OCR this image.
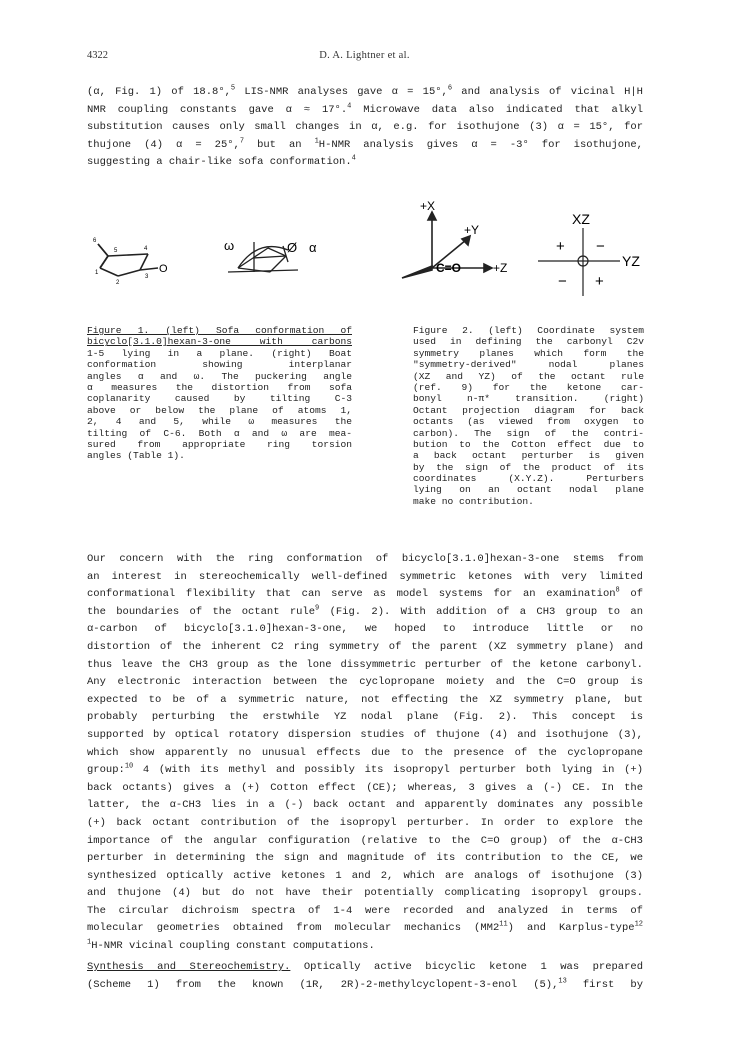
4322	D. A. Lightner et al.
(α, Fig. 1) of 18.8°,$^5$ LIS-NMR analyses gave α = 15°,$^6$ and analysis of vicinal H|H
NMR coupling constants gave α ≈ 17°.$^4$ Microwave data also indicated that alkyl
substitution causes only small changes in α, e.g. for isothujone (3) α = 15°, for
thujone (4) α = 25°,$^7$ but an $^1$H-NMR analysis gives α = -3° for isothujone,
suggesting a chair-like sofa conformation.$^4$
6
5	4
1
2
3
O
ω	Ø α
+X
+Y
+Z
C=O
XZ
YZ
+ −
− +
Figure 1. (left) Sofa conformation of
bicyclo[3.1.0]hexan-3-one with carbons
1-5 lying in a plane. (right) Boat
conformation showing interplanar
angles α and ω. The puckering angle
α measures the distortion from sofa
coplanarity caused by tilting C-3
above or below the plane of atoms 1,
2, 4 and 5, while ω measures the
tilting of C-6. Both α and ω are mea-
sured from appropriate ring torsion
angles (Table 1).
Figure 2. (left) Coordinate system
used in defining the carbonyl C2v
symmetry planes which form the
"symmetry-derived" nodal planes
(XZ and YZ) of the octant rule
(ref. 9) for the ketone car-
bonyl n-π* transition. (right)
Octant projection diagram for back
octants (as viewed from oxygen to
carbon). The sign of the contri-
bution to the Cotton effect due to
a back octant perturber is given
by the sign of the product of its
coordinates (X.Y.Z). Perturbers
lying on an octant nodal plane
make no contribution.
Our concern with the ring conformation of bicyclo[3.1.0]hexan-3-one stems from
an interest in stereochemically well-defined symmetric ketones with very limited
conformational flexibility that can serve as model systems for an examination$^8$ of
the boundaries of the octant rule$^9$ (Fig. 2). With addition of a CH3 group to an
α-carbon of bicyclo[3.1.0]hexan-3-one, we hoped to introduce little or no
distortion of the inherent C2 ring symmetry of the parent (XZ symmetry plane) and
thus leave the CH3 group as the lone dissymmetric perturber of the ketone carbonyl.
Any electronic interaction between the cyclopropane moiety and the C=O group is
expected to be of a symmetric nature, not effecting the XZ symmetry plane, but
probably perturbing the erstwhile YZ nodal plane (Fig. 2). This concept is
supported by optical rotatory dispersion studies of thujone (4) and isothujone (3),
which show apparently no unusual effects due to the presence of the cyclopropane
group:$^{10}$ 4 (with its methyl and possibly its isopropyl perturber both lying in (+)
back octants) gives a (+) Cotton effect (CE); whereas, 3 gives a (-) CE. In the
latter, the α-CH3 lies in a (-) back octant and apparently dominates any possible
(+) back octant contribution of the isopropyl perturber. In order to explore the
importance of the angular configuration (relative to the C=O group) of the α-CH3
perturber in determining the sign and magnitude of its contribution to the CE, we
synthesized optically active ketones 1 and 2, which are analogs of isothujone (3)
and thujone (4) but do not have their potentially complicating isopropyl groups.
The circular dichroism spectra of 1-4 were recorded and analyzed in terms of
molecular geometries obtained from molecular mechanics $(MM2^{11})$ and Karplus-type$^{12}$
$^1$H-NMR vicinal coupling constant computations.
Synthesis and Stereochemistry. Optically active bicyclic ketone 1 was prepared
(Scheme 1) from the known (1R, 2R)-2-methylcyclopent-3-enol (5),$^{13}$ first by
